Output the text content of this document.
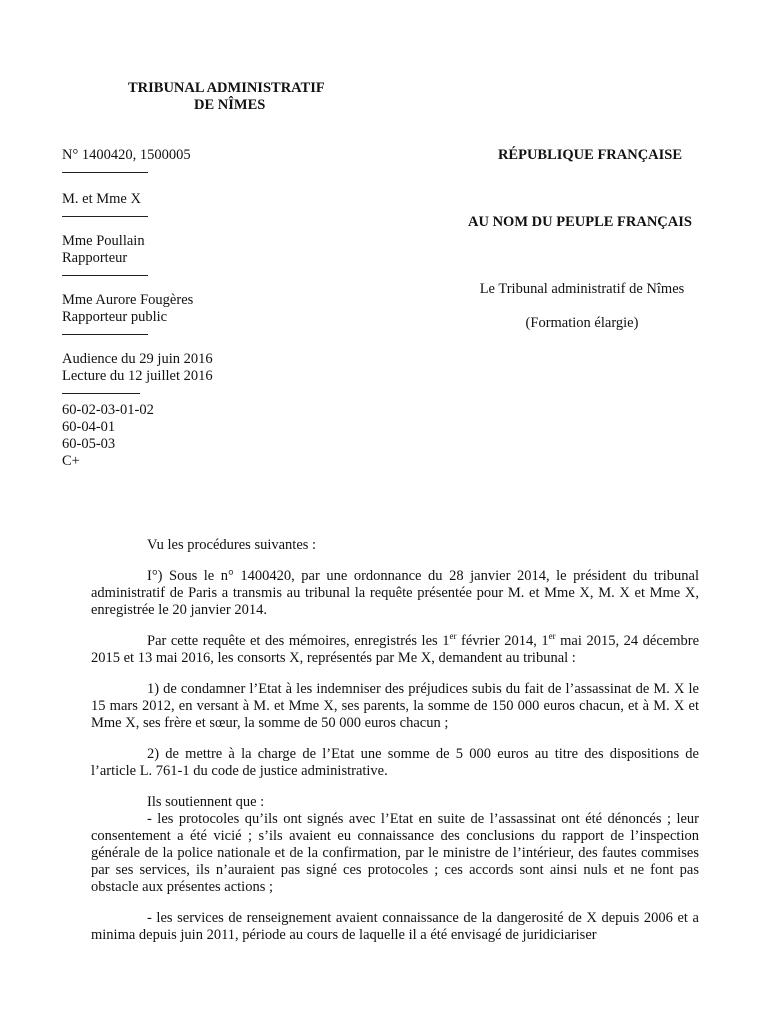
TRIBUNAL ADMINISTRATIF
DE NÎMES
N° 1400420, 1500005
M. et Mme X
Mme Poullain
Rapporteur
Mme Aurore Fougères
Rapporteur public
Audience du 29 juin 2016
Lecture du 12 juillet 2016
60-02-03-01-02
60-04-01
60-05-03
C+
RÉPUBLIQUE FRANÇAISE
AU NOM DU PEUPLE FRANÇAIS
Le Tribunal administratif de Nîmes
(Formation élargie)

Vu les procédures suivantes :

I°) Sous le n° 1400420, par une ordonnance du 28 janvier 2014, le président du tribunal administratif de Paris a transmis au tribunal la requête présentée pour M. et Mme X, M. X et Mme X, enregistrée le 20 janvier 2014.

Par cette requête et des mémoires, enregistrés les 1er février 2014, 1er mai 2015, 24 décembre 2015 et 13 mai 2016, les consorts X, représentés par Me X, demandent au tribunal :

1) de condamner l’Etat à les indemniser des préjudices subis du fait de l’assassinat de M. X le 15 mars 2012, en versant à M. et Mme X, ses parents, la somme de 150 000 euros chacun, et à M. X et Mme X, ses frère et sœur, la somme de 50 000 euros chacun ;

2) de mettre à la charge de l’Etat une somme de 5 000 euros au titre des dispositions de l’article L. 761-1 du code de justice administrative.

Ils soutiennent que :

- les protocoles qu’ils ont signés avec l’Etat en suite de l’assassinat ont été dénoncés ; leur consentement a été vicié ; s’ils avaient eu connaissance des conclusions du rapport de l’inspection générale de la police nationale et de la confirmation, par le ministre de l’intérieur, des fautes commises par ses services, ils n’auraient pas signé ces protocoles ; ces accords sont ainsi nuls et ne font pas obstacle aux présentes actions ;

- les services de renseignement avaient connaissance de la dangerosité de X depuis 2006 et a minima depuis juin 2011, période au cours de laquelle il a été envisagé de juridiciariser
